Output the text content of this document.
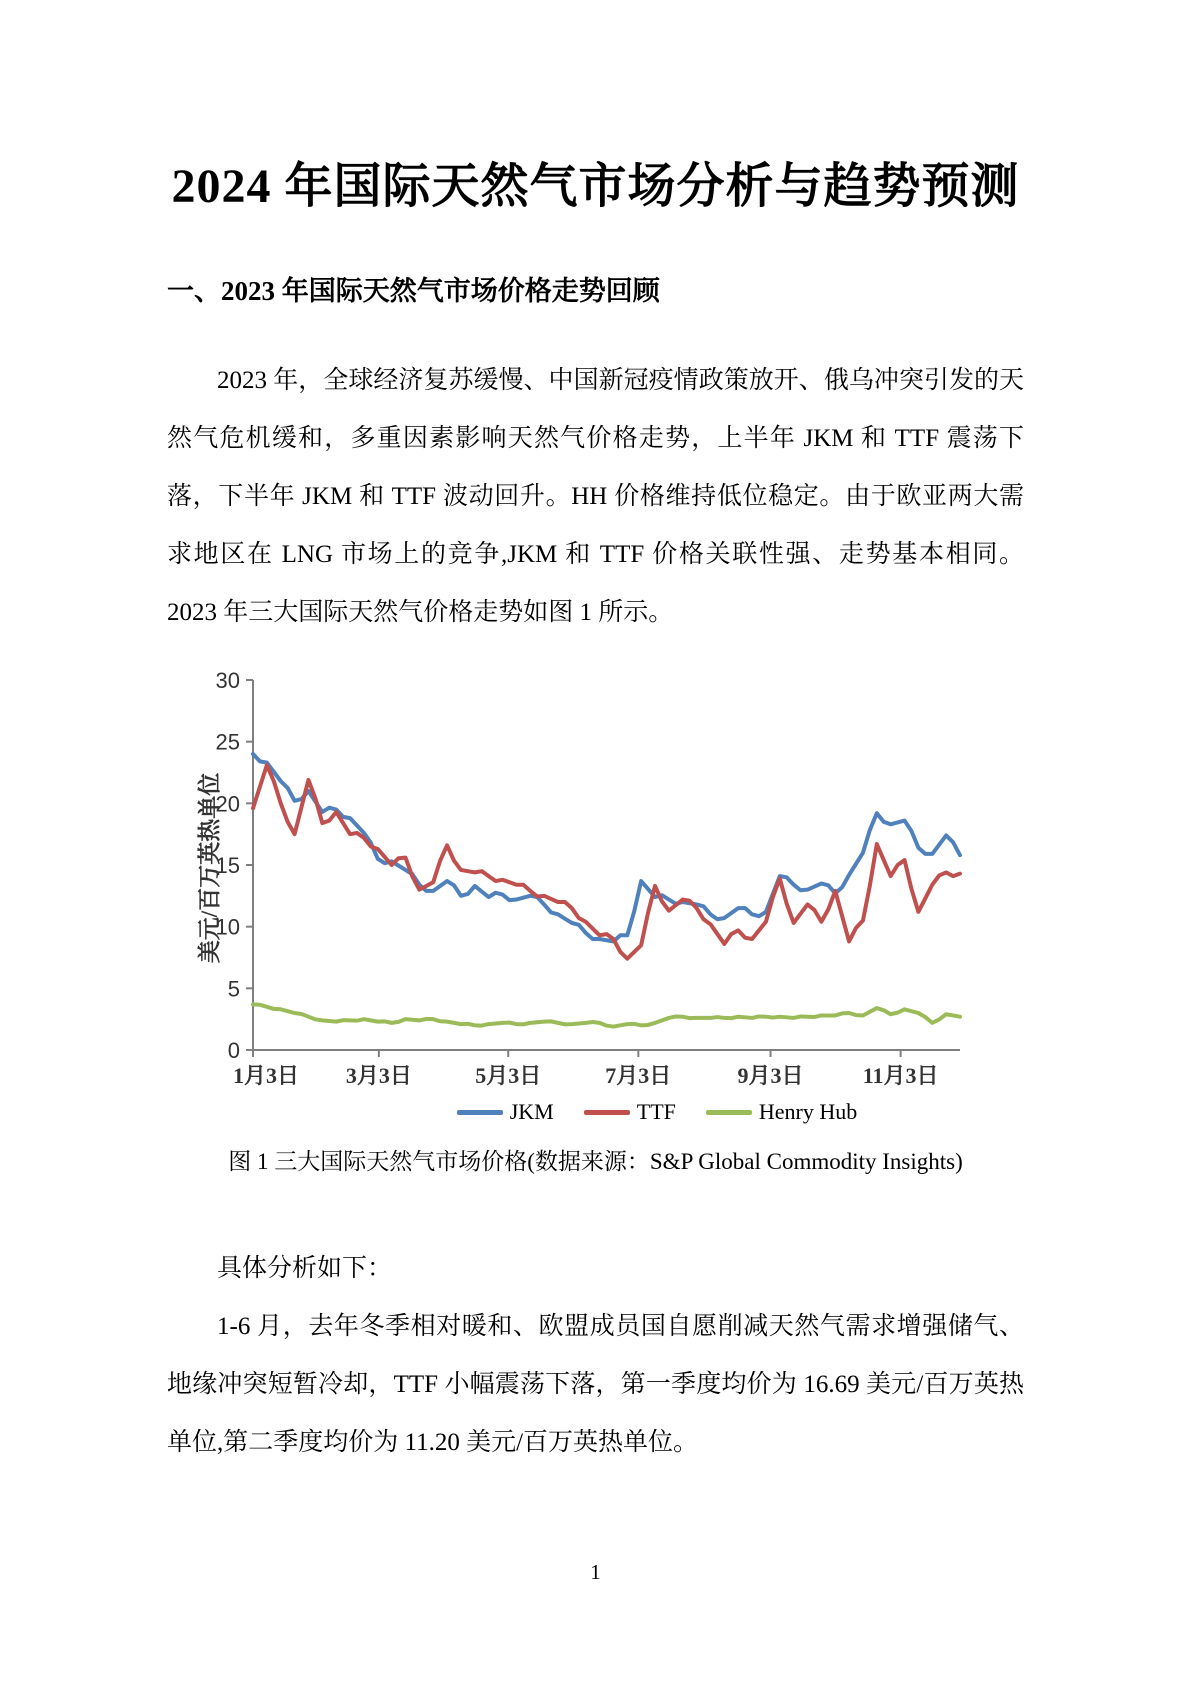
2024 年国际天然气市场分析与趋势预测
一、2023 年国际天然气市场价格走势回顾

2023 年，全球经济复苏缓慢、中国新冠疫情政策放开、俄乌冲突引发的天然气危机缓和，多重因素影响天然气价格走势，上半年 JKM 和 TTF 震荡下落，下半年 JKM 和 TTF 波动回升。HH 价格维持低位稳定。由于欧亚两大需求地区在 LNG 市场上的竞争,JKM 和 TTF 价格关联性强、走势基本相同。2023 年三大国际天然气价格走势如图 1 所示。

0
5
10
15
20
25
30
1月3日 3月3日	5月3日	7月3日	9月3日	11月3日
美元/百万英热单位
JKM	TTF	Henry Hub
图 1 三大国际天然气市场价格(数据来源：S&P Global Commodity Insights)

具体分析如下：

1-6 月，去年冬季相对暖和、欧盟成员国自愿削减天然气需求增强储气、地缘冲突短暂冷却，TTF 小幅震荡下落，第一季度均价为 16.69 美元/百万英热单位,第二季度均价为 11.20 美元/百万英热单位。

1
